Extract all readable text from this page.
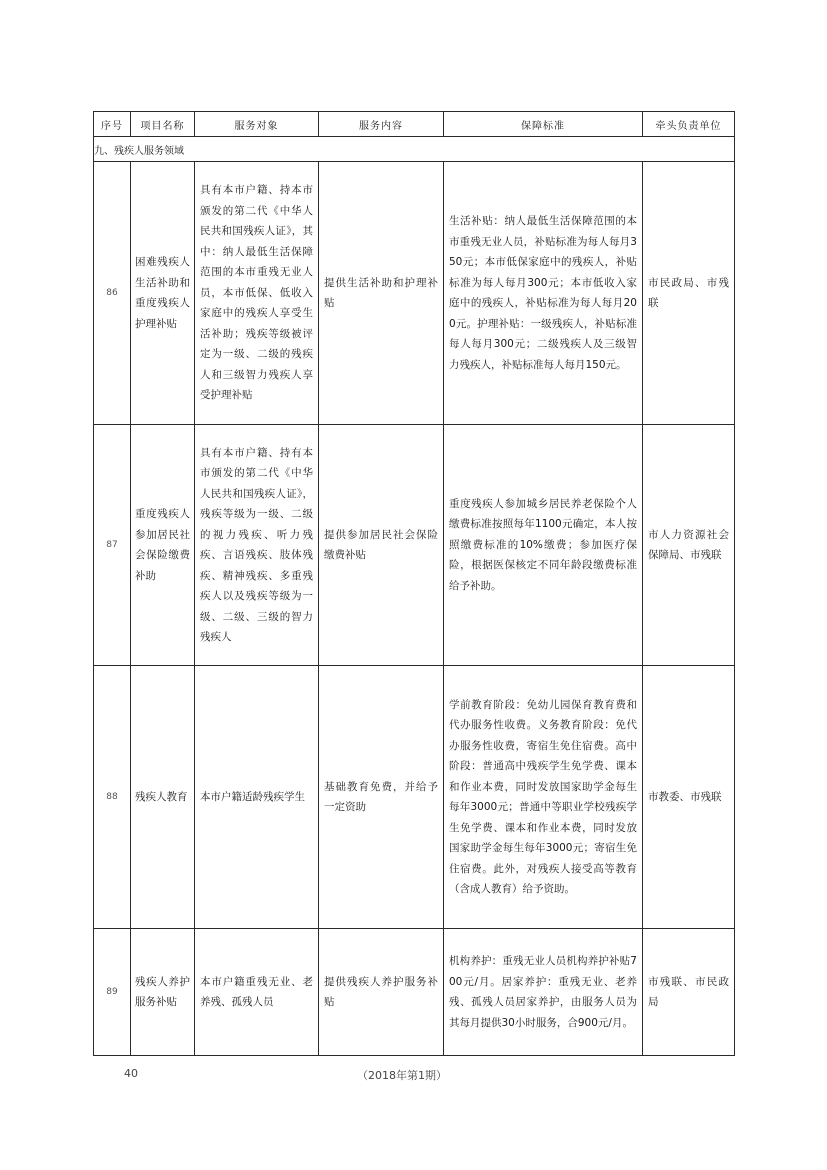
序号	项目名称	服务对象	服务内容	保障标准	牵头负责单位
九、残疾人服务领域					
86	困难残疾人生活补助和重度残疾人护理补贴	具有本市户籍、持本市颁发的第二代《中华人民共和国残疾人证》，其中：纳人最低生活保障范围的本市重残无业人员，本市低保、低收入家庭中的残疾人享受生活补助；残疾等级被评定为一级、二级的残疾人和三级智力残疾人享受护理补贴	提供生活补助和护理补贴	生活补贴：纳人最低生活保障范围的本市重残无业人员，补贴标准为每人每月350元；本市低保家庭中的残疾人，补贴标准为每人每月300元；本市低收入家庭中的残疾人，补贴标准为每人每月200元。护理补贴：一级残疾人，补贴标准每人每月300元；二级残疾人及三级智力残疾人，补贴标准每人每月150元。	市民政局、市残联

87	重度残疾人参加居民社会保险缴费补助	具有本市户籍、持有本市颁发的第二代《中华人民共和国残疾人证》，残疾等级为一级、二级的视力残疾、听力残疾、言语残疾、肢体残疾、精神残疾、多重残疾人以及残疾等级为一级、二级、三级的智力残疾人	提供参加居民社会保险缴费补贴	重度残疾人参加城乡居民养老保险个人缴费标准按照每年1100元确定，本人按照缴费标准的10%缴费；参加医疗保险，根据医保核定不同年龄段缴费标准给予补助。	市人力资源社会保障局、市残联

88	残疾人教育	本市户籍适龄残疾学生	基础教育免费，并给予一定资助	学前教育阶段：免幼儿园保育教育费和代办服务性收费。义务教育阶段：免代办服务性收费，寄宿生免住宿费。高中阶段：普通高中残疾学生免学费、课本和作业本费，同时发放国家助学金每生每年3000元；普通中等职业学校残疾学生免学费、课本和作业本费，同时发放国家助学金每生每年3000元；寄宿生免住宿费。此外，对残疾人接受高等教育（含成人教育）给予资助。	市教委、市残联

89	残疾人养护服务补贴	本市户籍重残无业、老养残、孤残人员	提供残疾人养护服务补贴	机构养护：重残无业人员机构养护补贴700元/月。居家养护：重残无业、老养残、孤残人员居家养护，由服务人员为其每月提供30小时服务，合900元/月。	市残联、市民政局
40	（2018年第1期）
